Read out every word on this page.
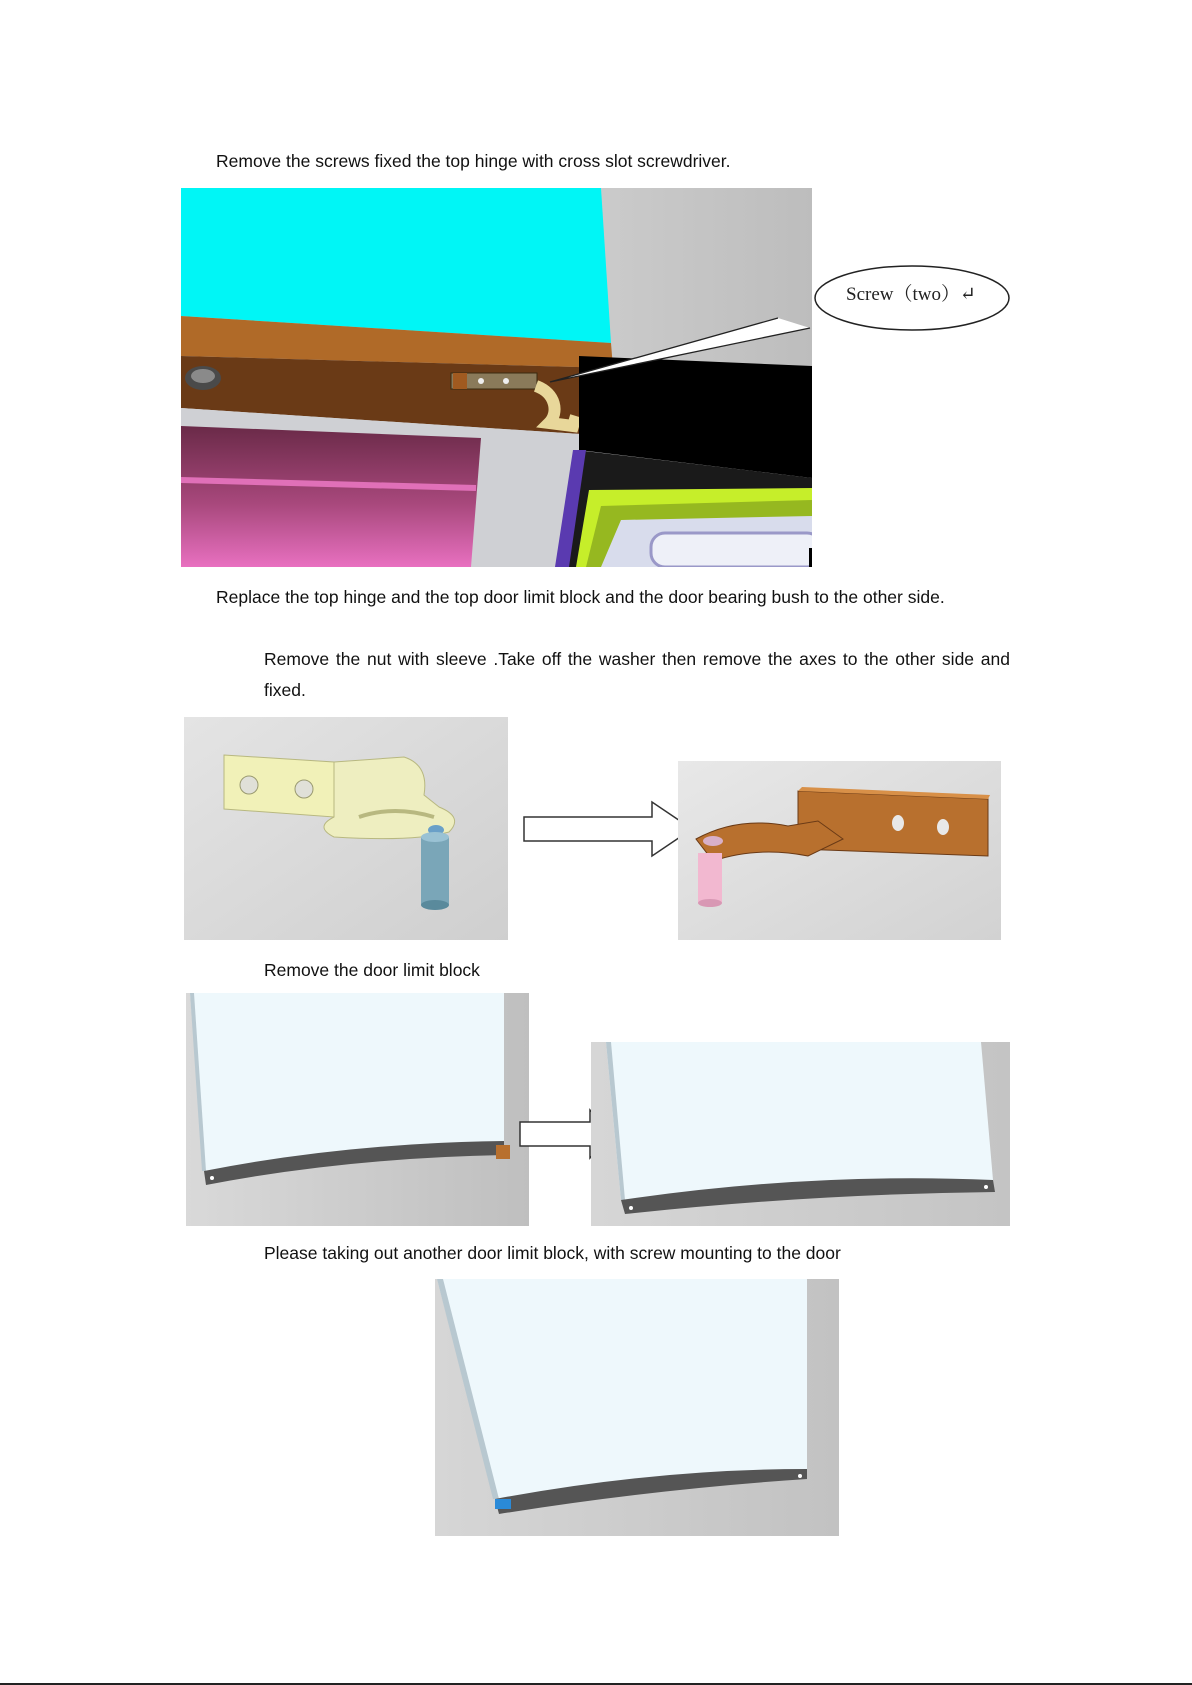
Remove the screws fixed the top hinge with cross slot screwdriver.

Screw（two）↵

Replace the top hinge and the top door limit block and the door bearing bush to the other side.

Remove the nut with sleeve .Take off the washer then remove the axes to the other side and fixed.

Remove the door limit block

Please taking out another door limit block, with screw mounting to the door
